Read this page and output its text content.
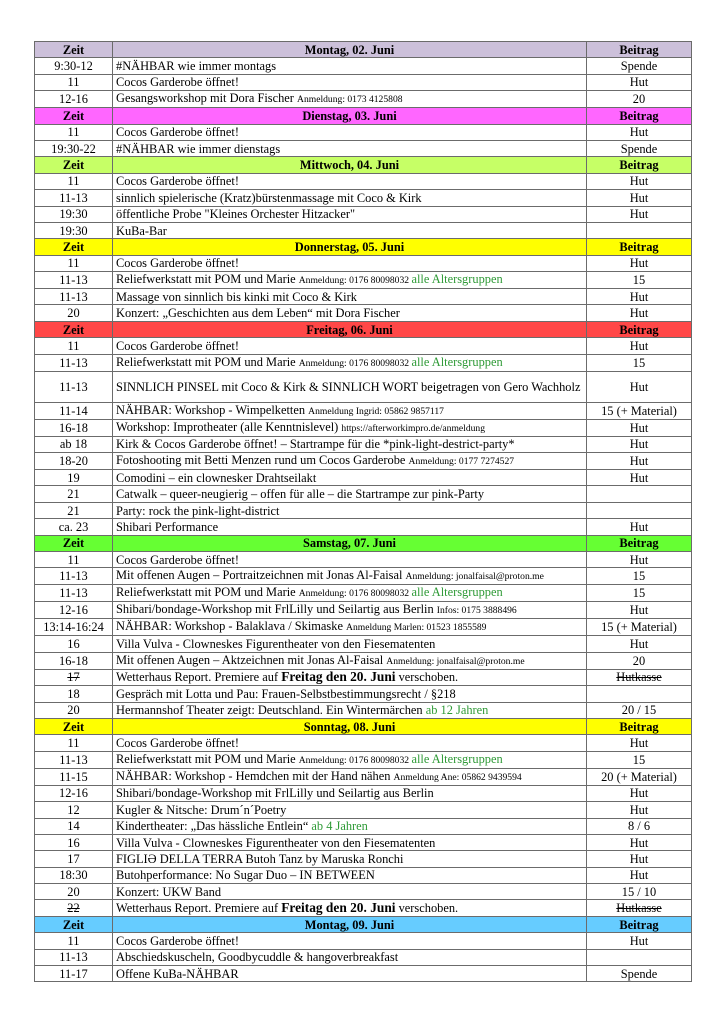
Zeit	Montag, 02. Juni	Beitrag
9:30-12	#NÄHBAR wie immer montags	Spende
11	Cocos Garderobe öffnet!	Hut
12-16	Gesangsworkshop mit Dora Fischer Anmeldung: 0173 4125808	20
Zeit	Dienstag, 03. Juni	Beitrag
11	Cocos Garderobe öffnet!	Hut
19:30-22	#NÄHBAR wie immer dienstags	Spende
Zeit	Mittwoch, 04. Juni	Beitrag
11	Cocos Garderobe öffnet!	Hut
11-13	sinnlich spielerische (Kratz)bürstenmassage mit Coco & Kirk	Hut
19:30	öffentliche Probe "Kleines Orchester Hitzacker"	Hut
19:30	KuBa-Bar	
Zeit	Donnerstag, 05. Juni	Beitrag
11	Cocos Garderobe öffnet!	Hut
11-13	Reliefwerkstatt mit POM und Marie Anmeldung: 0176 80098032 alle Altersgruppen	15
11-13	Massage von sinnlich bis kinki mit Coco & Kirk	Hut
20	Konzert: „Geschichten aus dem Leben“ mit Dora Fischer	Hut
Zeit	Freitag, 06. Juni	Beitrag
11	Cocos Garderobe öffnet!	Hut
11-13	Reliefwerkstatt mit POM und Marie Anmeldung: 0176 80098032 alle Altersgruppen	15
11-13	SINNLICH PINSEL mit Coco & Kirk & SINNLICH WORT beigetragen von Gero Wachholz	Hut
11-14	NÄHBAR: Workshop - Wimpelketten Anmeldung Ingrid: 05862 9857117	15 (+ Material)
16-18	Workshop: Improtheater (alle Kenntnislevel) https://afterworkimpro.de/anmeldung	Hut
ab 18	Kirk & Cocos Garderobe öffnet! – Startrampe für die *pink-light-destrict-party*	Hut
18-20	Fotoshooting mit Betti Menzen rund um Cocos Garderobe Anmeldung: 0177 7274527	Hut
19	Comodini – ein clownesker Drahtseilakt	Hut
21	Catwalk – queer-neugierig – offen für alle – die Startrampe zur pink-Party	
21	Party: rock the pink-light-district	
ca. 23	Shibari Performance	Hut
Zeit	Samstag, 07. Juni	Beitrag
11	Cocos Garderobe öffnet!	Hut
11-13	Mit offenen Augen – Portraitzeichnen mit Jonas Al-Faisal Anmeldung: jonalfaisal@proton.me	15
11-13	Reliefwerkstatt mit POM und Marie Anmeldung: 0176 80098032 alle Altersgruppen	15
12-16	Shibari/bondage-Workshop mit FrlLilly und Seilartig aus Berlin Infos: 0175 3888496	Hut
13:14-16:24	NÄHBAR: Workshop - Balaklava / Skimaske Anmeldung Marlen: 01523 1855589	15 (+ Material)
16	Villa Vulva - Clowneskes Figurentheater von den Fiesematenten	Hut
16-18	Mit offenen Augen – Aktzeichnen mit Jonas Al-Faisal Anmeldung: jonalfaisal@proton.me	20
17	Wetterhaus Report. Premiere auf Freitag den 20. Juni verschoben.	Hutkasse
18	Gespräch mit Lotta und Pau: Frauen-Selbstbestimmungsrecht / §218	
20	Hermannshof Theater zeigt: Deutschland. Ein Wintermärchen ab 12 Jahren	20 / 15
Zeit	Sonntag, 08. Juni	Beitrag
11	Cocos Garderobe öffnet!	Hut
11-13	Reliefwerkstatt mit POM und Marie Anmeldung: 0176 80098032 alle Altersgruppen	15
11-15	NÄHBAR: Workshop - Hemdchen mit der Hand nähen Anmeldung Ane: 05862 9439594	20 (+ Material)
12-16	Shibari/bondage-Workshop mit FrlLilly und Seilartig aus Berlin	Hut
12	Kugler & Nitsche: Drum´n´Poetry	Hut
14	Kindertheater: „Das hässliche Entlein“ ab 4 Jahren	8 / 6
16	Villa Vulva - Clowneskes Figurentheater von den Fiesematenten	Hut
17	FIGLIƏ DELLA TERRA Butoh Tanz by Maruska Ronchi	Hut
18:30	Butohperformance: No Sugar Duo – IN BETWEEN	Hut
20	Konzert: UKW Band	15 / 10
22	Wetterhaus Report. Premiere auf Freitag den 20. Juni verschoben.	Hutkasse
Zeit	Montag, 09. Juni	Beitrag
11	Cocos Garderobe öffnet!	Hut
11-13	Abschiedskuscheln, Goodbycuddle & hangoverbreakfast	
11-17	Offene KuBa-NÄHBAR	Spende
